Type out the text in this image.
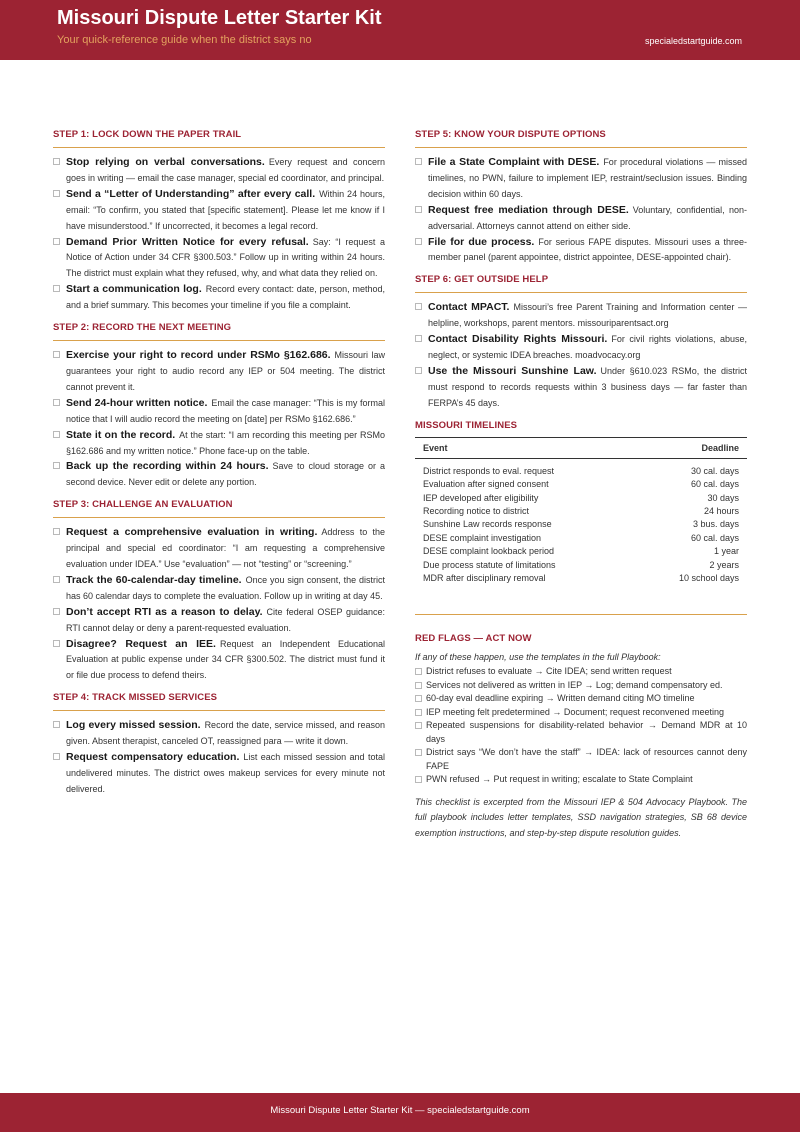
Missouri Dispute Letter Starter Kit
Your quick-reference guide when the district says no	specialedstartguide.com
STEP 1: LOCK DOWN THE PAPER TRAIL
Stop relying on verbal conversations. Every request and concern goes in writing — email the case manager, special ed coordinator, and principal.
Send a “Letter of Understanding” after every call. Within 24 hours, email: “To confirm, you stated that [specific statement]. Please let me know if I have misunderstood.” If uncorrected, it becomes a legal record.
Demand Prior Written Notice for every refusal. Say: “I request a Notice of Action under 34 CFR §300.503.” Follow up in writing within 24 hours. The district must explain what they refused, why, and what data they relied on.
Start a communication log. Record every contact: date, person, method, and a brief summary. This becomes your timeline if you file a complaint.
STEP 2: RECORD THE NEXT MEETING
Exercise your right to record under RSMo §162.686. Missouri law guarantees your right to audio record any IEP or 504 meeting. The district cannot prevent it.
Send 24-hour written notice. Email the case manager: “This is my formal notice that I will audio record the meeting on [date] per RSMo §162.686.”
State it on the record. At the start: “I am recording this meeting per RSMo §162.686 and my written notice.” Phone face-up on the table.
Back up the recording within 24 hours. Save to cloud storage or a second device. Never edit or delete any portion.
STEP 3: CHALLENGE AN EVALUATION
Request a comprehensive evaluation in writing. Address to the principal and special ed coordinator: “I am requesting a comprehensive evaluation under IDEA.” Use “evaluation” — not “testing” or “screening.”
Track the 60-calendar-day timeline. Once you sign consent, the district has 60 calendar days to complete the evaluation. Follow up in writing at day 45.
Don’t accept RTI as a reason to delay. Cite federal OSEP guidance: RTI cannot delay or deny a parent-requested evaluation.
Disagree? Request an IEE. Request an Independent Educational Evaluation at public expense under 34 CFR §300.502. The district must fund it or file due process to defend theirs.
STEP 4: TRACK MISSED SERVICES
Log every missed session. Record the date, service missed, and reason given. Absent therapist, canceled OT, reassigned para — write it down.
Request compensatory education. List each missed session and total undelivered minutes. The district owes makeup services for every minute not delivered.
STEP 5: KNOW YOUR DISPUTE OPTIONS
File a State Complaint with DESE. For procedural violations — missed timelines, no PWN, failure to implement IEP, restraint/seclusion issues. Binding decision within 60 days.
Request free mediation through DESE. Voluntary, confidential, non-adversarial. Attorneys cannot attend on either side.
File for due process. For serious FAPE disputes. Missouri uses a three-member panel (parent appointee, district appointee, DESE-appointed chair).
STEP 6: GET OUTSIDE HELP
Contact MPACT. Missouri’s free Parent Training and Information center — helpline, workshops, parent mentors. missouriparentsact.org
Contact Disability Rights Missouri. For civil rights violations, abuse, neglect, or systemic IDEA breaches. moadvocacy.org
Use the Missouri Sunshine Law. Under §610.023 RSMo, the district must respond to records requests within 3 business days — far faster than FERPA’s 45 days.
MISSOURI TIMELINES
Event	Deadline
District responds to eval. request	30 cal. days
Evaluation after signed consent	60 cal. days
IEP developed after eligibility	30 days
Recording notice to district	24 hours
Sunshine Law records response	3 bus. days
DESE complaint investigation	60 cal. days
DESE complaint lookback period	1 year
Due process statute of limitations	2 years
MDR after disciplinary removal	10 school days
RED FLAGS — ACT NOW
If any of these happen, use the templates in the full Playbook:
District refuses to evaluate → Cite IDEA; send written request
Services not delivered as written in IEP → Log; demand compensatory ed.
60-day eval deadline expiring → Written demand citing MO timeline
IEP meeting felt predetermined → Document; request reconvened meeting
Repeated suspensions for disability-related behavior → Demand MDR at 10 days
District says “We don’t have the staff” → IDEA: lack of resources cannot deny FAPE
PWN refused → Put request in writing; escalate to State Complaint
This checklist is excerpted from the Missouri IEP & 504 Advocacy Playbook. The full playbook includes letter templates, SSD navigation strategies, SB 68 device exemption instructions, and step-by-step dispute resolution guides.
Missouri Dispute Letter Starter Kit — specialedstartguide.com
